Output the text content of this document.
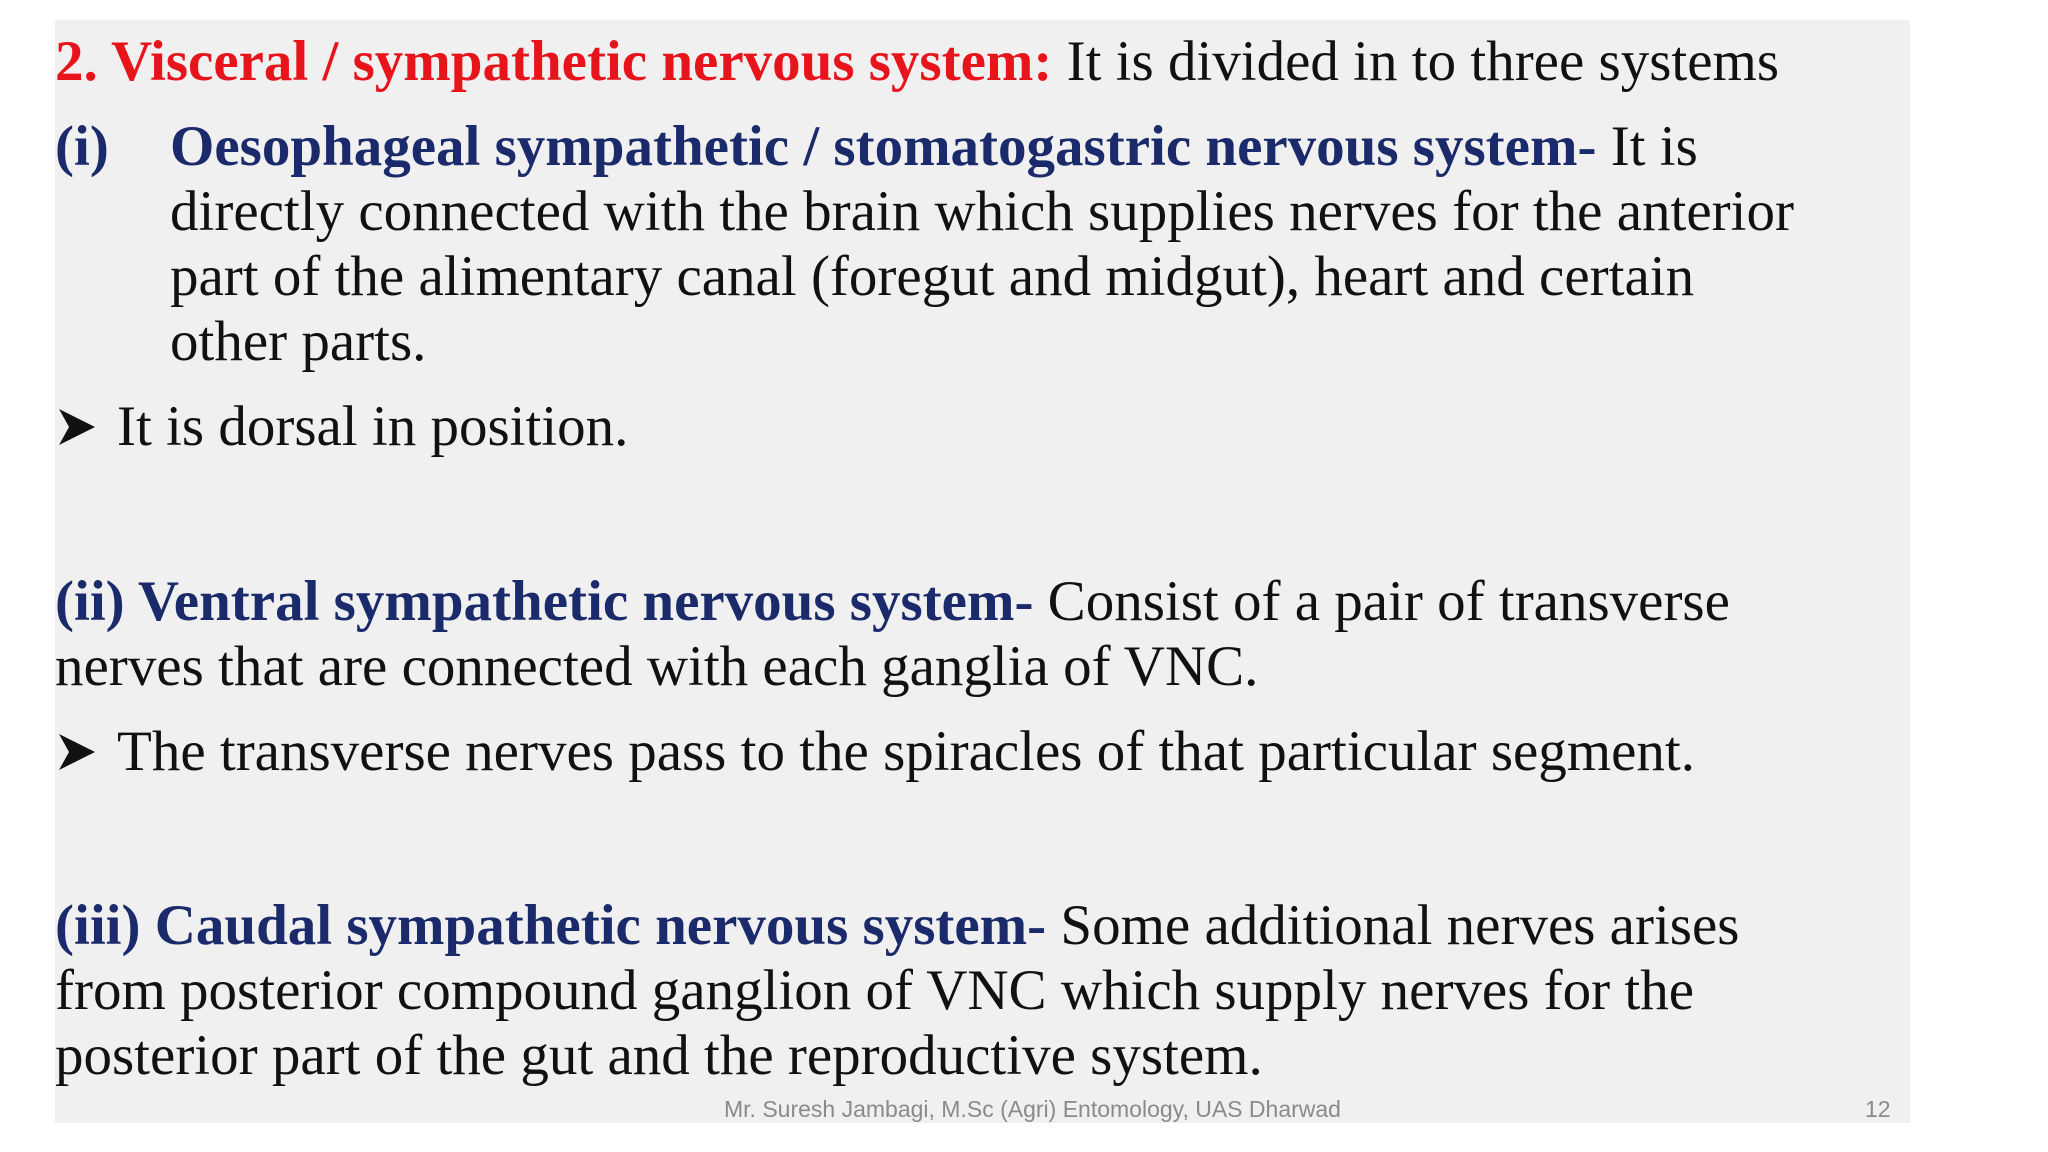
2. Visceral / sympathetic nervous system: It is divided in to three systems
(i) Oesophageal sympathetic / stomatogastric nervous system- It is
directly connected with the brain which supplies nerves for the anterior
part of the alimentary canal (foregut and midgut), heart and certain
other parts.
It is dorsal in position.
(ii) Ventral sympathetic nervous system- Consist of a pair of transverse
nerves that are connected with each ganglia of VNC.
The transverse nerves pass to the spiracles of that particular segment.
(iii) Caudal sympathetic nervous system- Some additional nerves arises
from posterior compound ganglion of VNC which supply nerves for the
posterior part of the gut and the reproductive system.
Mr. Suresh Jambagi, M.Sc (Agri) Entomology, UAS Dharwad	12
